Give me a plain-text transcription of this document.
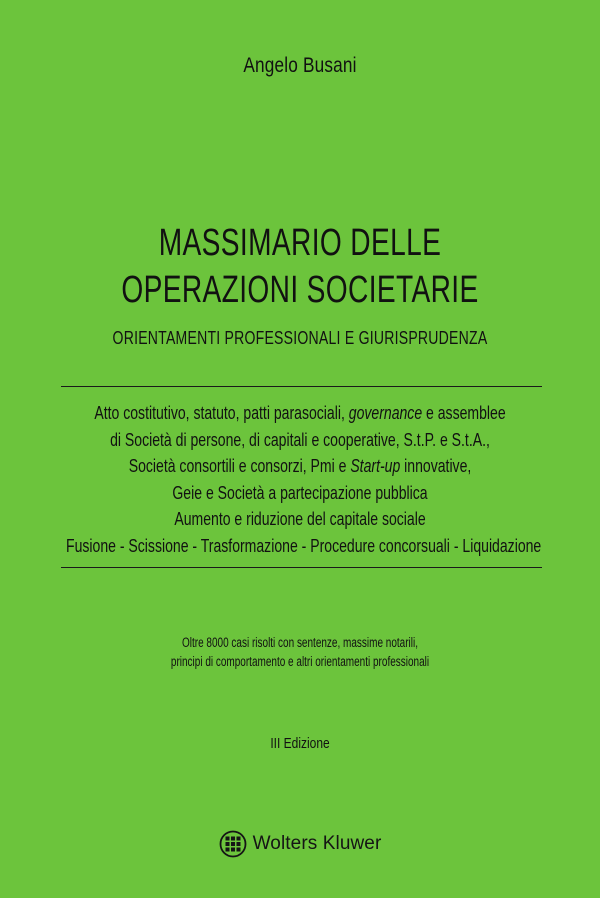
Angelo Busani
MASSIMARIO DELLE
OPERAZIONI SOCIETARIE
ORIENTAMENTI PROFESSIONALI E GIURISPRUDENZA
Atto costitutivo, statuto, patti parasociali, governance e assemblee
di Società di persone, di capitali e cooperative, S.t.P. e S.t.A.,
Società consortili e consorzi, Pmi e Start-up innovative,
Geie e Società a partecipazione pubblica
Aumento e riduzione del capitale sociale
Fusione - Scissione - Trasformazione - Procedure concorsuali - Liquidazione
Oltre 8000 casi risolti con sentenze, massime notarili,
principi di comportamento e altri orientamenti professionali
III Edizione
Wolters Kluwer
